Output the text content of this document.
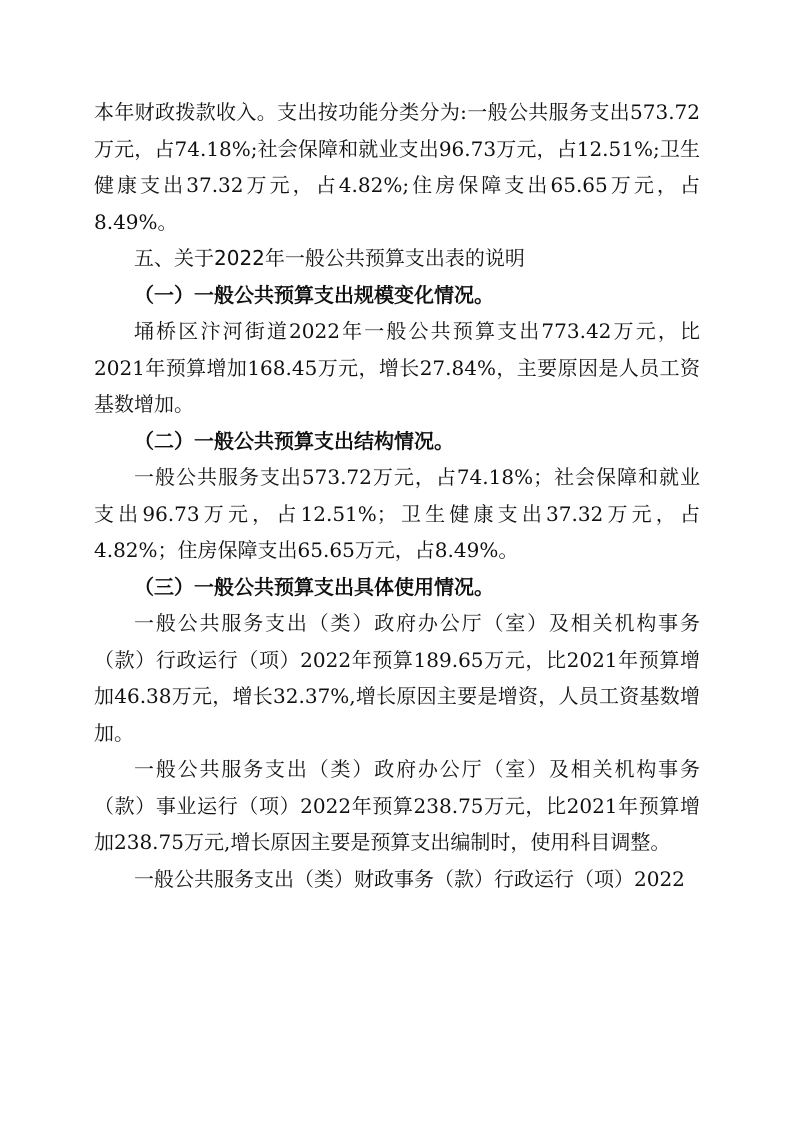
本年财政拨款收入。支出按功能分类分为:一般公共服务支出573.72万元，占74.18%;社会保障和就业支出96.73万元，占12.51%;卫生健康支出37.32万元，占4.82%;住房保障支出65.65万元，占8.49%。

五、关于2022年一般公共预算支出表的说明

（一）一般公共预算支出规模变化情况。

埇桥区汴河街道2022年一般公共预算支出773.42万元，比2021年预算增加168.45万元，增长27.84%，主要原因是人员工资基数增加。

（二）一般公共预算支出结构情况。

一般公共服务支出573.72万元，占74.18%；社会保障和就业支出96.73万元，占12.51%；卫生健康支出37.32万元，占4.82%；住房保障支出65.65万元，占8.49%。

（三）一般公共预算支出具体使用情况。

一般公共服务支出（类）政府办公厅（室）及相关机构事务（款）行政运行（项）2022年预算189.65万元，比2021年预算增加46.38万元，增长32.37%,增长原因主要是增资，人员工资基数增加。

一般公共服务支出（类）政府办公厅（室）及相关机构事务（款）事业运行（项）2022年预算238.75万元，比2021年预算增加238.75万元,增长原因主要是预算支出编制时，使用科目调整。

一般公共服务支出（类）财政事务（款）行政运行（项）2022
